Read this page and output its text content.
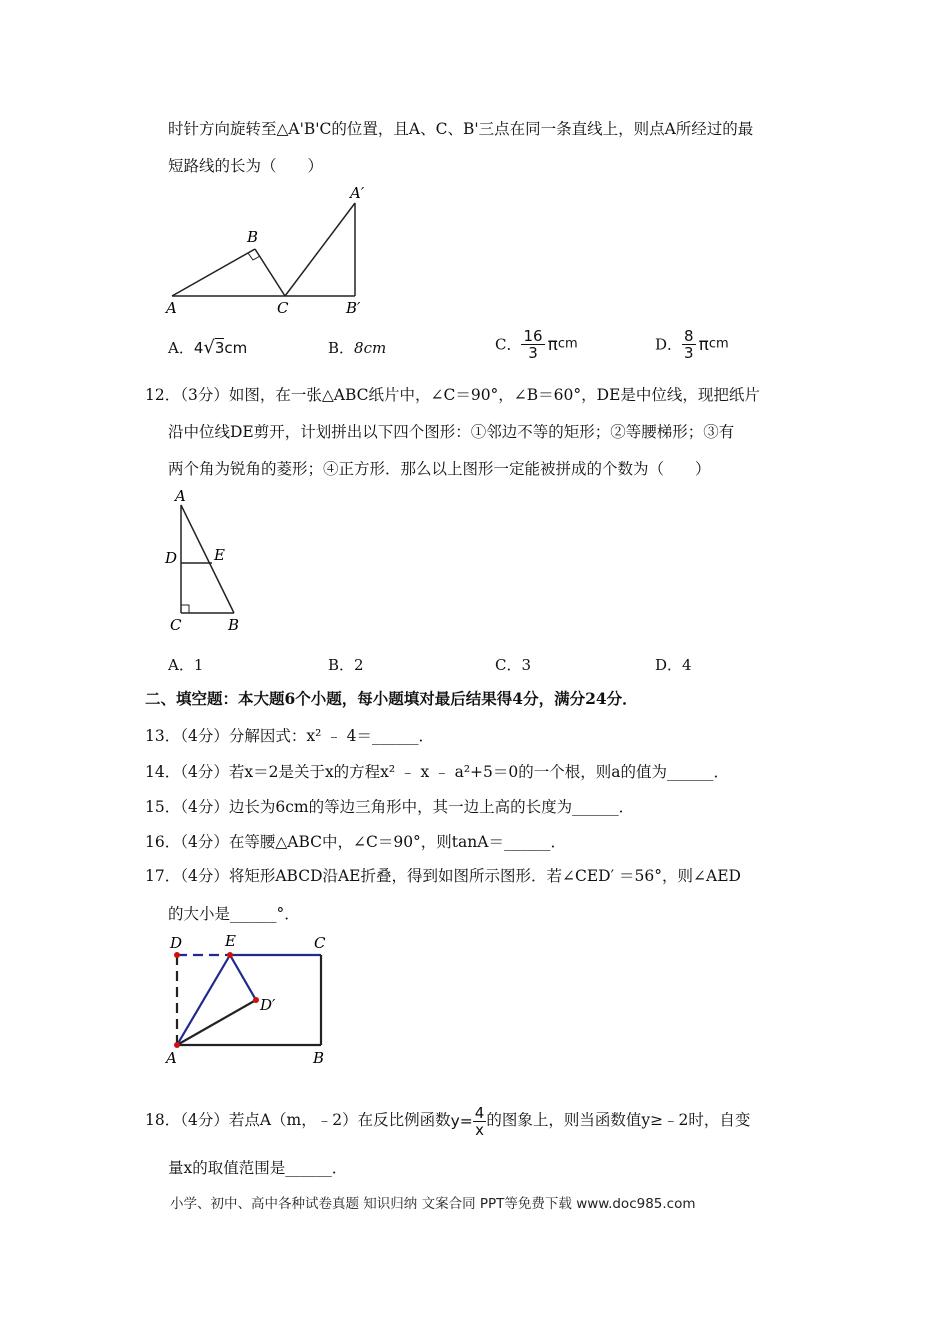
时针方向旋转至△A'B'C的位置，且A、C、B'三点在同一条直线上，则点A所经过的最
短路线的长为（　　）
B
A′
A	C	B′
A．4√3cm	B．8cm	C． $\frac{16}{3}$ πcm	D． $\frac{8}{3}$ πcm
12．（3分）如图，在一张△ABC纸片中，∠C＝90°，∠B＝60°，DE是中位线，现把纸片
沿中位线DE剪开，计划拼出以下四个图形：①邻边不等的矩形；②等腰梯形；③有
两个角为锐角的菱形；④正方形．那么以上图形一定能被拼成的个数为（　　）
A
D E
C	B
A．1	B．2	C．3	D．4
二、填空题：本大题6个小题，每小题填对最后结果得4分，满分24分．
13．（4分）分解因式：x² ﹣ 4＝______．
14．（4分）若x＝2是关于x的方程x² ﹣ x ﹣ a²+5＝0的一个根，则a的值为______．
15．（4分）边长为6cm的等边三角形中，其一边上高的长度为______．
16．（4分）在等腰△ABC中，∠C＝90°，则tanA＝______．
17．（4分）将矩形ABCD沿AE折叠，得到如图所示图形．若∠CED′ ＝56°，则∠AED
的大小是______°．
D	E	C
D′
A	B
18．（4分）若点A（m，﹣2）在反比例函数$y= \frac{4}{x}$ 的图象上，则当函数值y≥﹣2时，自变
量x的取值范围是______．
小学、初中、高中各种试卷真题 知识归纳 文案合同 PPT等免费下载 www.doc985.com
